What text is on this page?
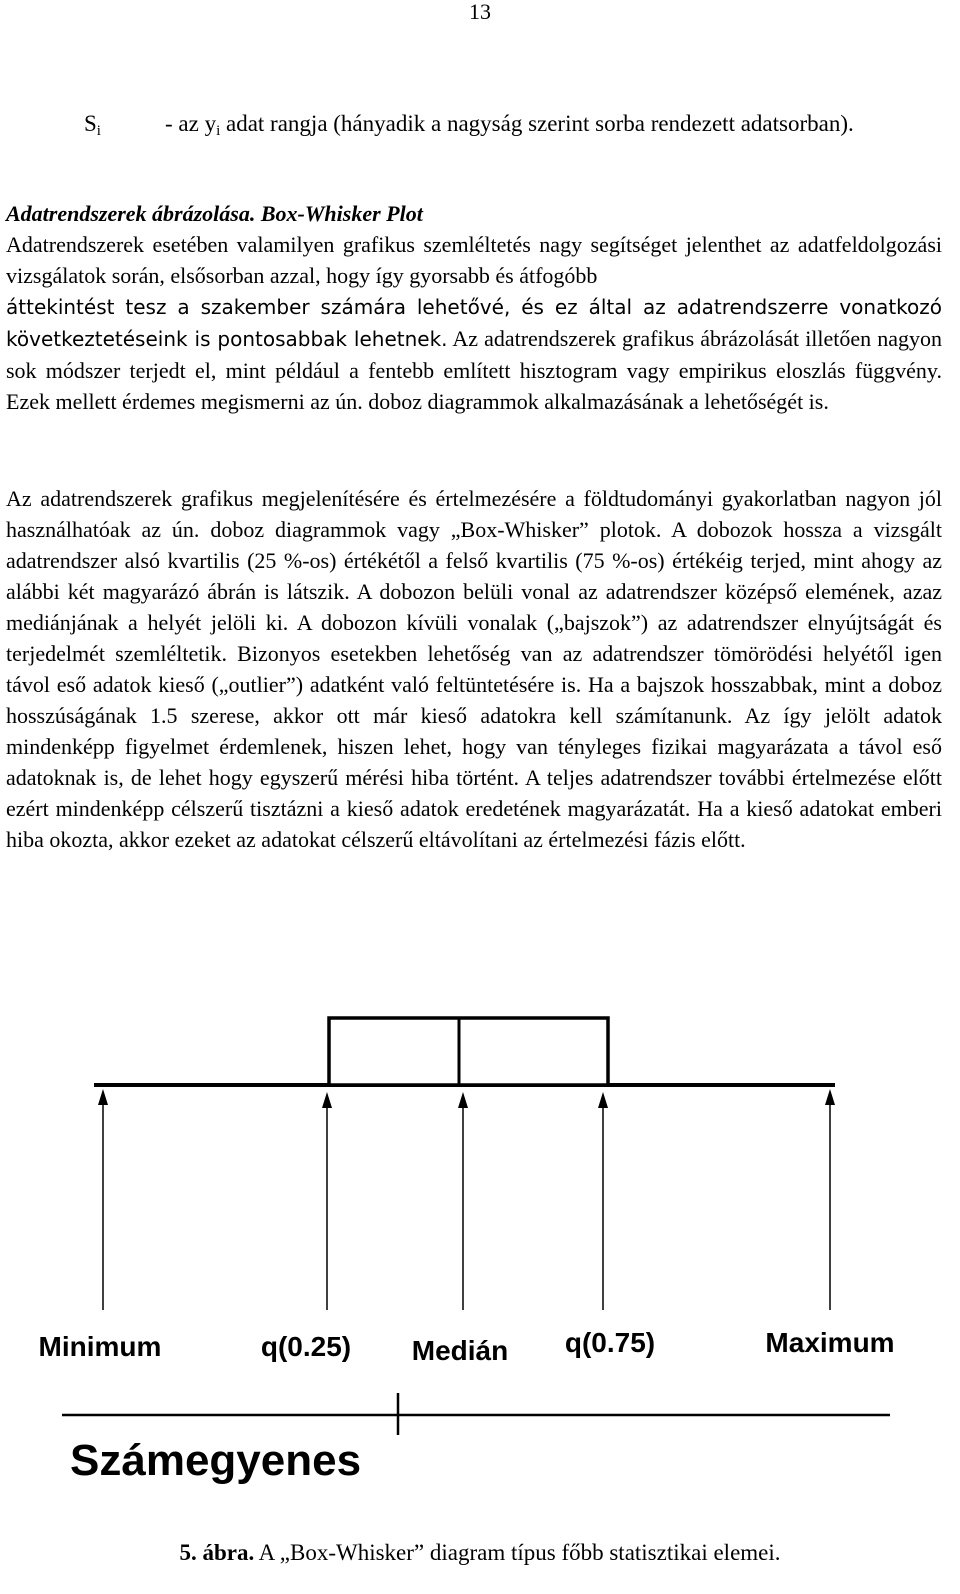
13
$S_i$	- az $y_i$ adat rangja (hányadik a nagyság szerint sorba rendezett adatsorban).
Adatrendszerek ábrázolása. Box-Whisker Plot
Adatrendszerek esetében valamilyen grafikus szemléltetés nagy segítséget jelenthet az adatfeldolgozási vizsgálatok során, elsősorban azzal, hogy így gyorsabb és átfogóbb
áttekintést tesz a szakember számára lehetővé, és ez által az adatrendszerre vonatkozó következtetéseink is pontosabbak lehetnek. Az adatrendszerek grafikus ábrázolását illetően nagyon sok módszer terjedt el, mint például a fentebb említett hisztogram vagy empirikus eloszlás függvény. Ezek mellett érdemes megismerni az ún. doboz diagrammok alkalmazásának a lehetőségét is.
Az adatrendszerek grafikus megjelenítésére és értelmezésére a földtudományi gyakorlatban nagyon jól használhatóak az ún. doboz diagrammok vagy „Box-Whisker” plotok. A dobozok hossza a vizsgált adatrendszer alsó kvartilis (25 %-os) értékétől a felső kvartilis (75 %-os) értékéig terjed, mint ahogy az alábbi két magyarázó ábrán is látszik. A dobozon belüli vonal az adatrendszer középső elemének, azaz mediánjának a helyét jelöli ki. A dobozon kívüli vonalak („bajszok”) az adatrendszer elnyújtságát és terjedelmét szemléltetik. Bizonyos esetekben lehetőség van az adatrendszer tömörödési helyétől igen távol eső adatok kieső („outlier”) adatként való feltüntetésére is. Ha a bajszok hosszabbak, mint a doboz hosszúságának 1.5 szerese, akkor ott már kieső adatokra kell számítanunk. Az így jelölt adatok mindenképp figyelmet érdemlenek, hiszen lehet, hogy van tényleges fizikai magyarázata a távol eső adatoknak is, de lehet hogy egyszerű mérési hiba történt. A teljes adatrendszer további értelmezése előtt ezért mindenképp célszerű tisztázni a kieső adatok eredetének magyarázatát. Ha a kieső adatokat emberi hiba okozta, akkor ezeket az adatokat célszerű eltávolítani az értelmezési fázis előtt.
Minimum	q(0.25) Medián q(0.75)	Maximum
Számegyenes
5. ábra. A „Box-Whisker” diagram típus főbb statisztikai elemei.
